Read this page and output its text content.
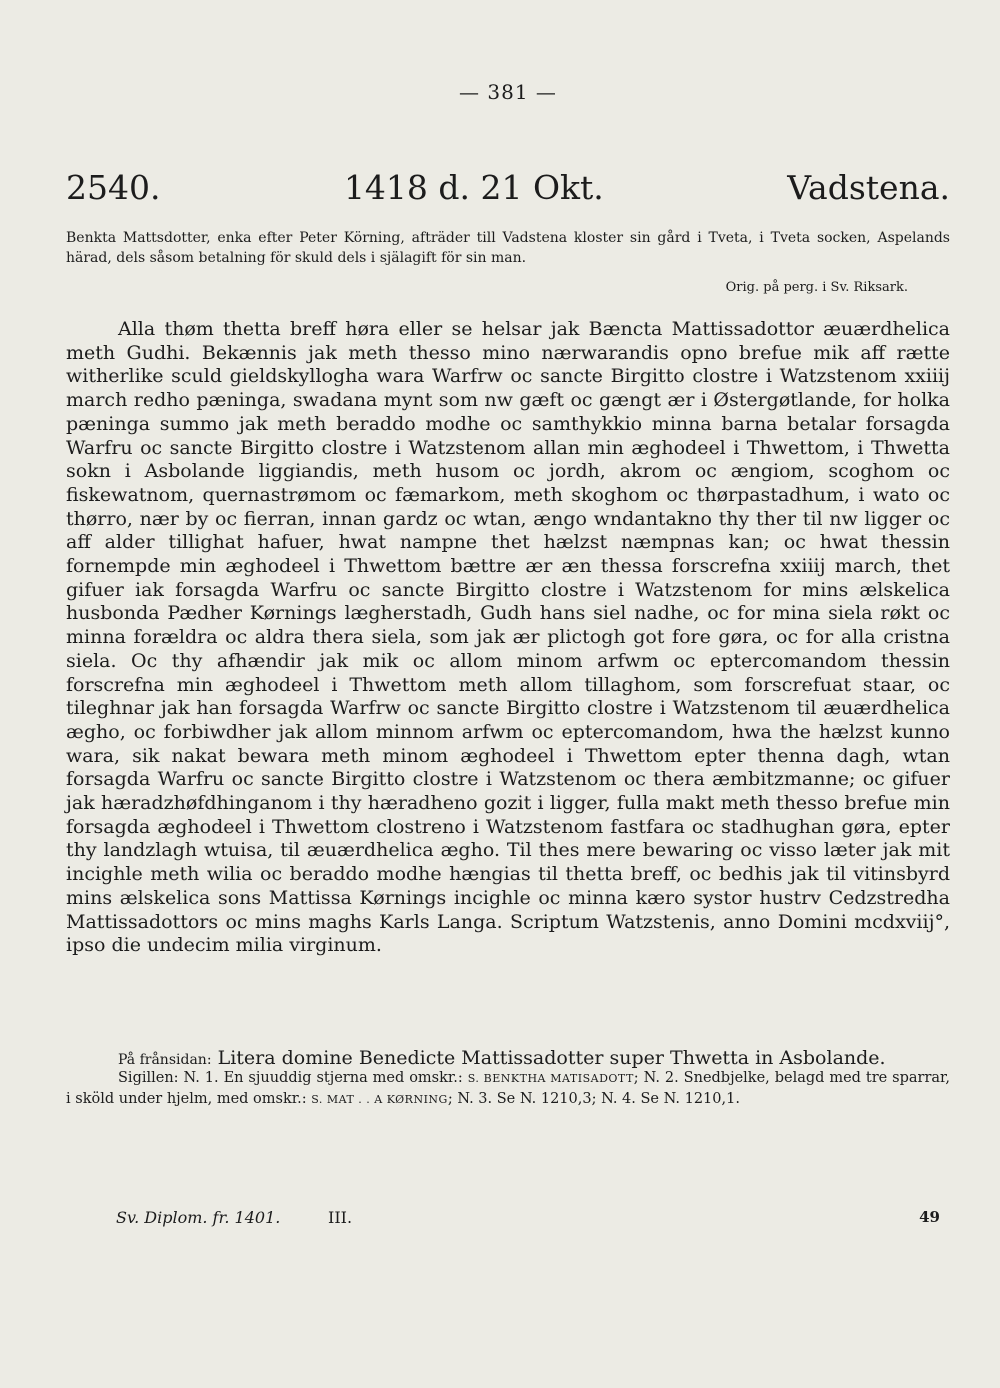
— 381 —
2540.	1418 d. 21 Okt.	Vadstena.
Benkta Mattsdotter, enka efter Peter Körning, afträder till Vadstena kloster sin gård i Tveta, i Tveta socken, Aspelands härad, dels såsom betalning för skuld dels i själagift för sin man.
Orig. på perg. i Sv. Riksark.
Alla thøm thetta breff høra eller se helsar jak Bæncta Mattissadottor æuærdhelica meth Gudhi. Bekænnis jak meth thesso mino nærwarandis opno brefue mik aff rætte witherlike sculd gieldskyllogha wara Warfrw oc sancte Birgitto clostre i Watzstenom xxiiij march redho pæninga, swadana mynt som nw gæft oc gængt ær i Østergøtlande, for holka pæninga summo jak meth beraddo modhe oc samthykkio minna barna betalar forsagda Warfru oc sancte Birgitto clostre i Watzstenom allan min æghodeel i Thwettom, i Thwetta sokn i Asbolande liggiandis, meth husom oc jordh, akrom oc ængiom, scoghom oc fiskewatnom, quernastrømom oc fæmarkom, meth skoghom oc thørpastadhum, i wato oc thørro, nær by oc fierran, innan gardz oc wtan, ængo wndantakno thy ther til nw ligger oc aff alder tillighat hafuer, hwat nampne thet hælzst næmpnas kan; oc hwat thessin fornempde min æghodeel i Thwettom bættre ær æn thessa forscrefna xxiiij march, thet gifuer iak forsagda Warfru oc sancte Birgitto clostre i Watzstenom for mins ælskelica husbonda Pædher Kørnings lægherstadh, Gudh hans siel nadhe, oc for mina siela røkt oc minna forældra oc aldra thera siela, som jak ær plictogh got fore gøra, oc for alla cristna siela. Oc thy afhændir jak mik oc allom minom arfwm oc eptercomandom thessin forscrefna min æghodeel i Thwettom meth allom tillaghom, som forscrefuat staar, oc tileghnar jak han forsagda Warfrw oc sancte Birgitto clostre i Watzstenom til æuærdhelica ægho, oc forbiwdher jak allom minnom arfwm oc eptercomandom, hwa the hælzst kunno wara, sik nakat bewara meth minom æghodeel i Thwettom epter thenna dagh, wtan forsagda Warfru oc sancte Birgitto clostre i Watzstenom oc thera æmbitzmanne; oc gifuer jak hæradzhøfdhinganom i thy hæradheno gozit i ligger, fulla makt meth thesso brefue min forsagda æghodeel i Thwettom clostreno i Watzstenom fastfara oc stadhughan gøra, epter thy landzlagh wtuisa, til æuærdhelica ægho. Til thes mere bewaring oc visso læter jak mit incighle meth wilia oc beraddo modhe hængias til thetta breff, oc bedhis jak til vitinsbyrd mins ælskelica sons Mattissa Kørnings incighle oc minna kæro systor hustrv Cedzstredha Mattissadottors oc mins maghs Karls Langa. Scriptum Watzstenis, anno Domini mcdxviij°, ipso die undecim milia virginum.
På frånsidan: Litera domine Benedicte Mattissadotter super Thwetta in Asbolande.
Sigillen: N. 1. En sjuuddig stjerna med omskr.: S. BENKTHA MATISADOTT; N. 2. Snedbjelke, belagd med tre sparrar, i sköld under hjelm, med omskr.: S. MAT . . A KØRNING; N. 3. Se N. 1210,3; N. 4. Se N. 1210,1.
Sv. Diplom. fr. 1401.	III.	49
